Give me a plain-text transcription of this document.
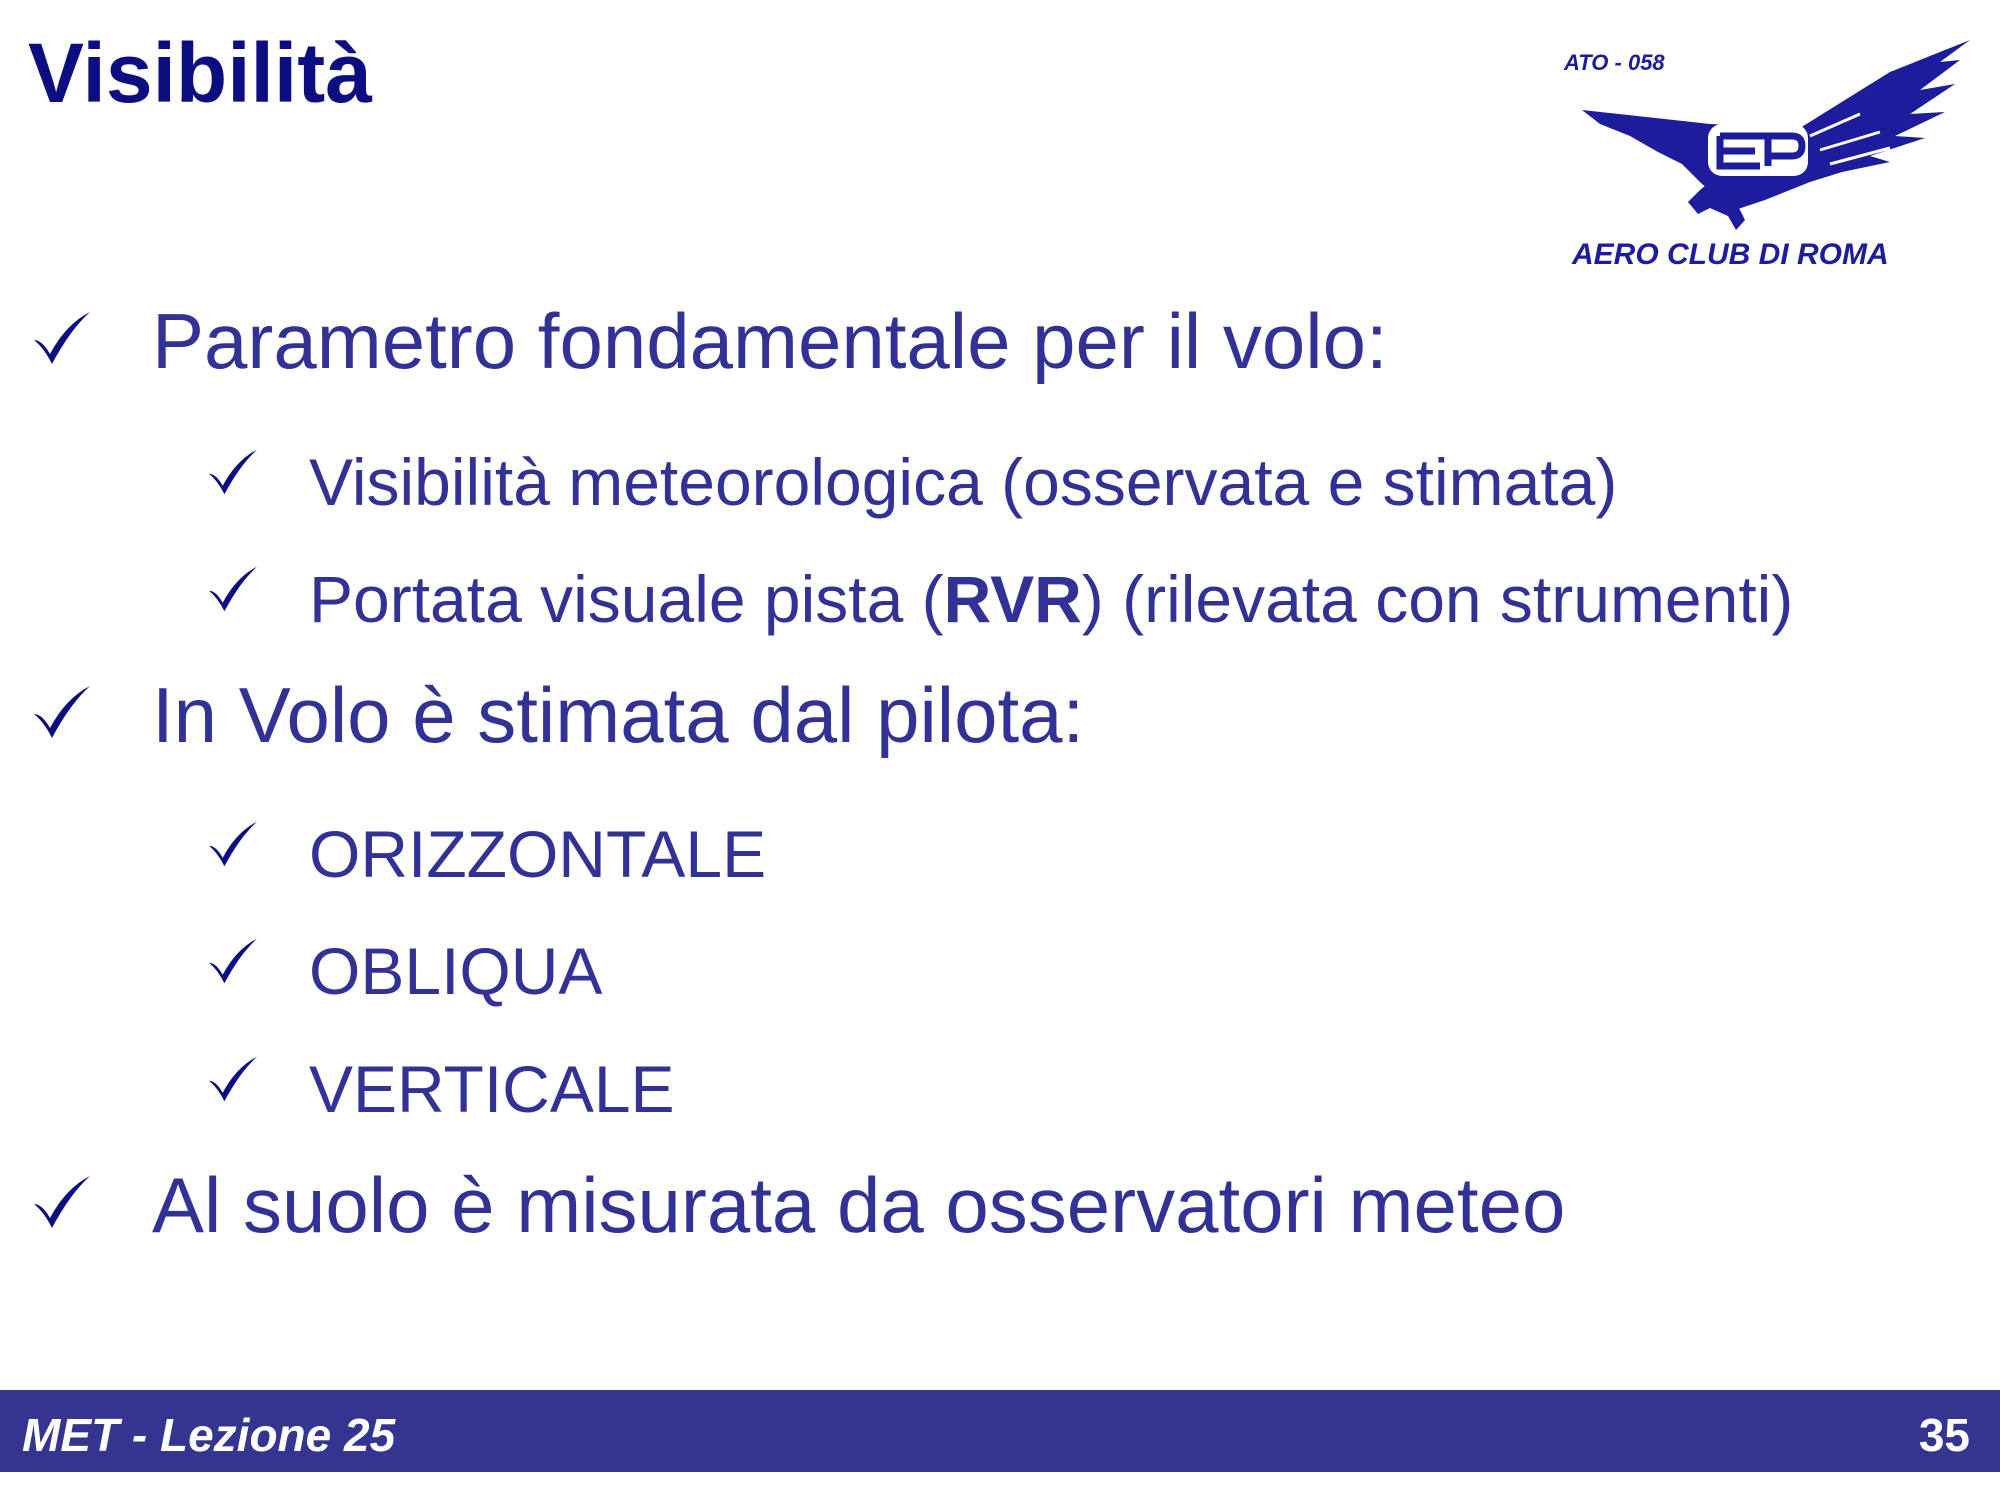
Visibilità	ATO - 058
AERO CLUB DI ROMA
Parametro fondamentale per il volo:
Visibilità meteorologica (osservata e stimata)
Portata visuale pista (RVR) (rilevata con strumenti)
In Volo è stimata dal pilota:
ORIZZONTALE
OBLIQUA
VERTICALE
Al suolo è misurata da osservatori meteo
MET - Lezione 25	35
